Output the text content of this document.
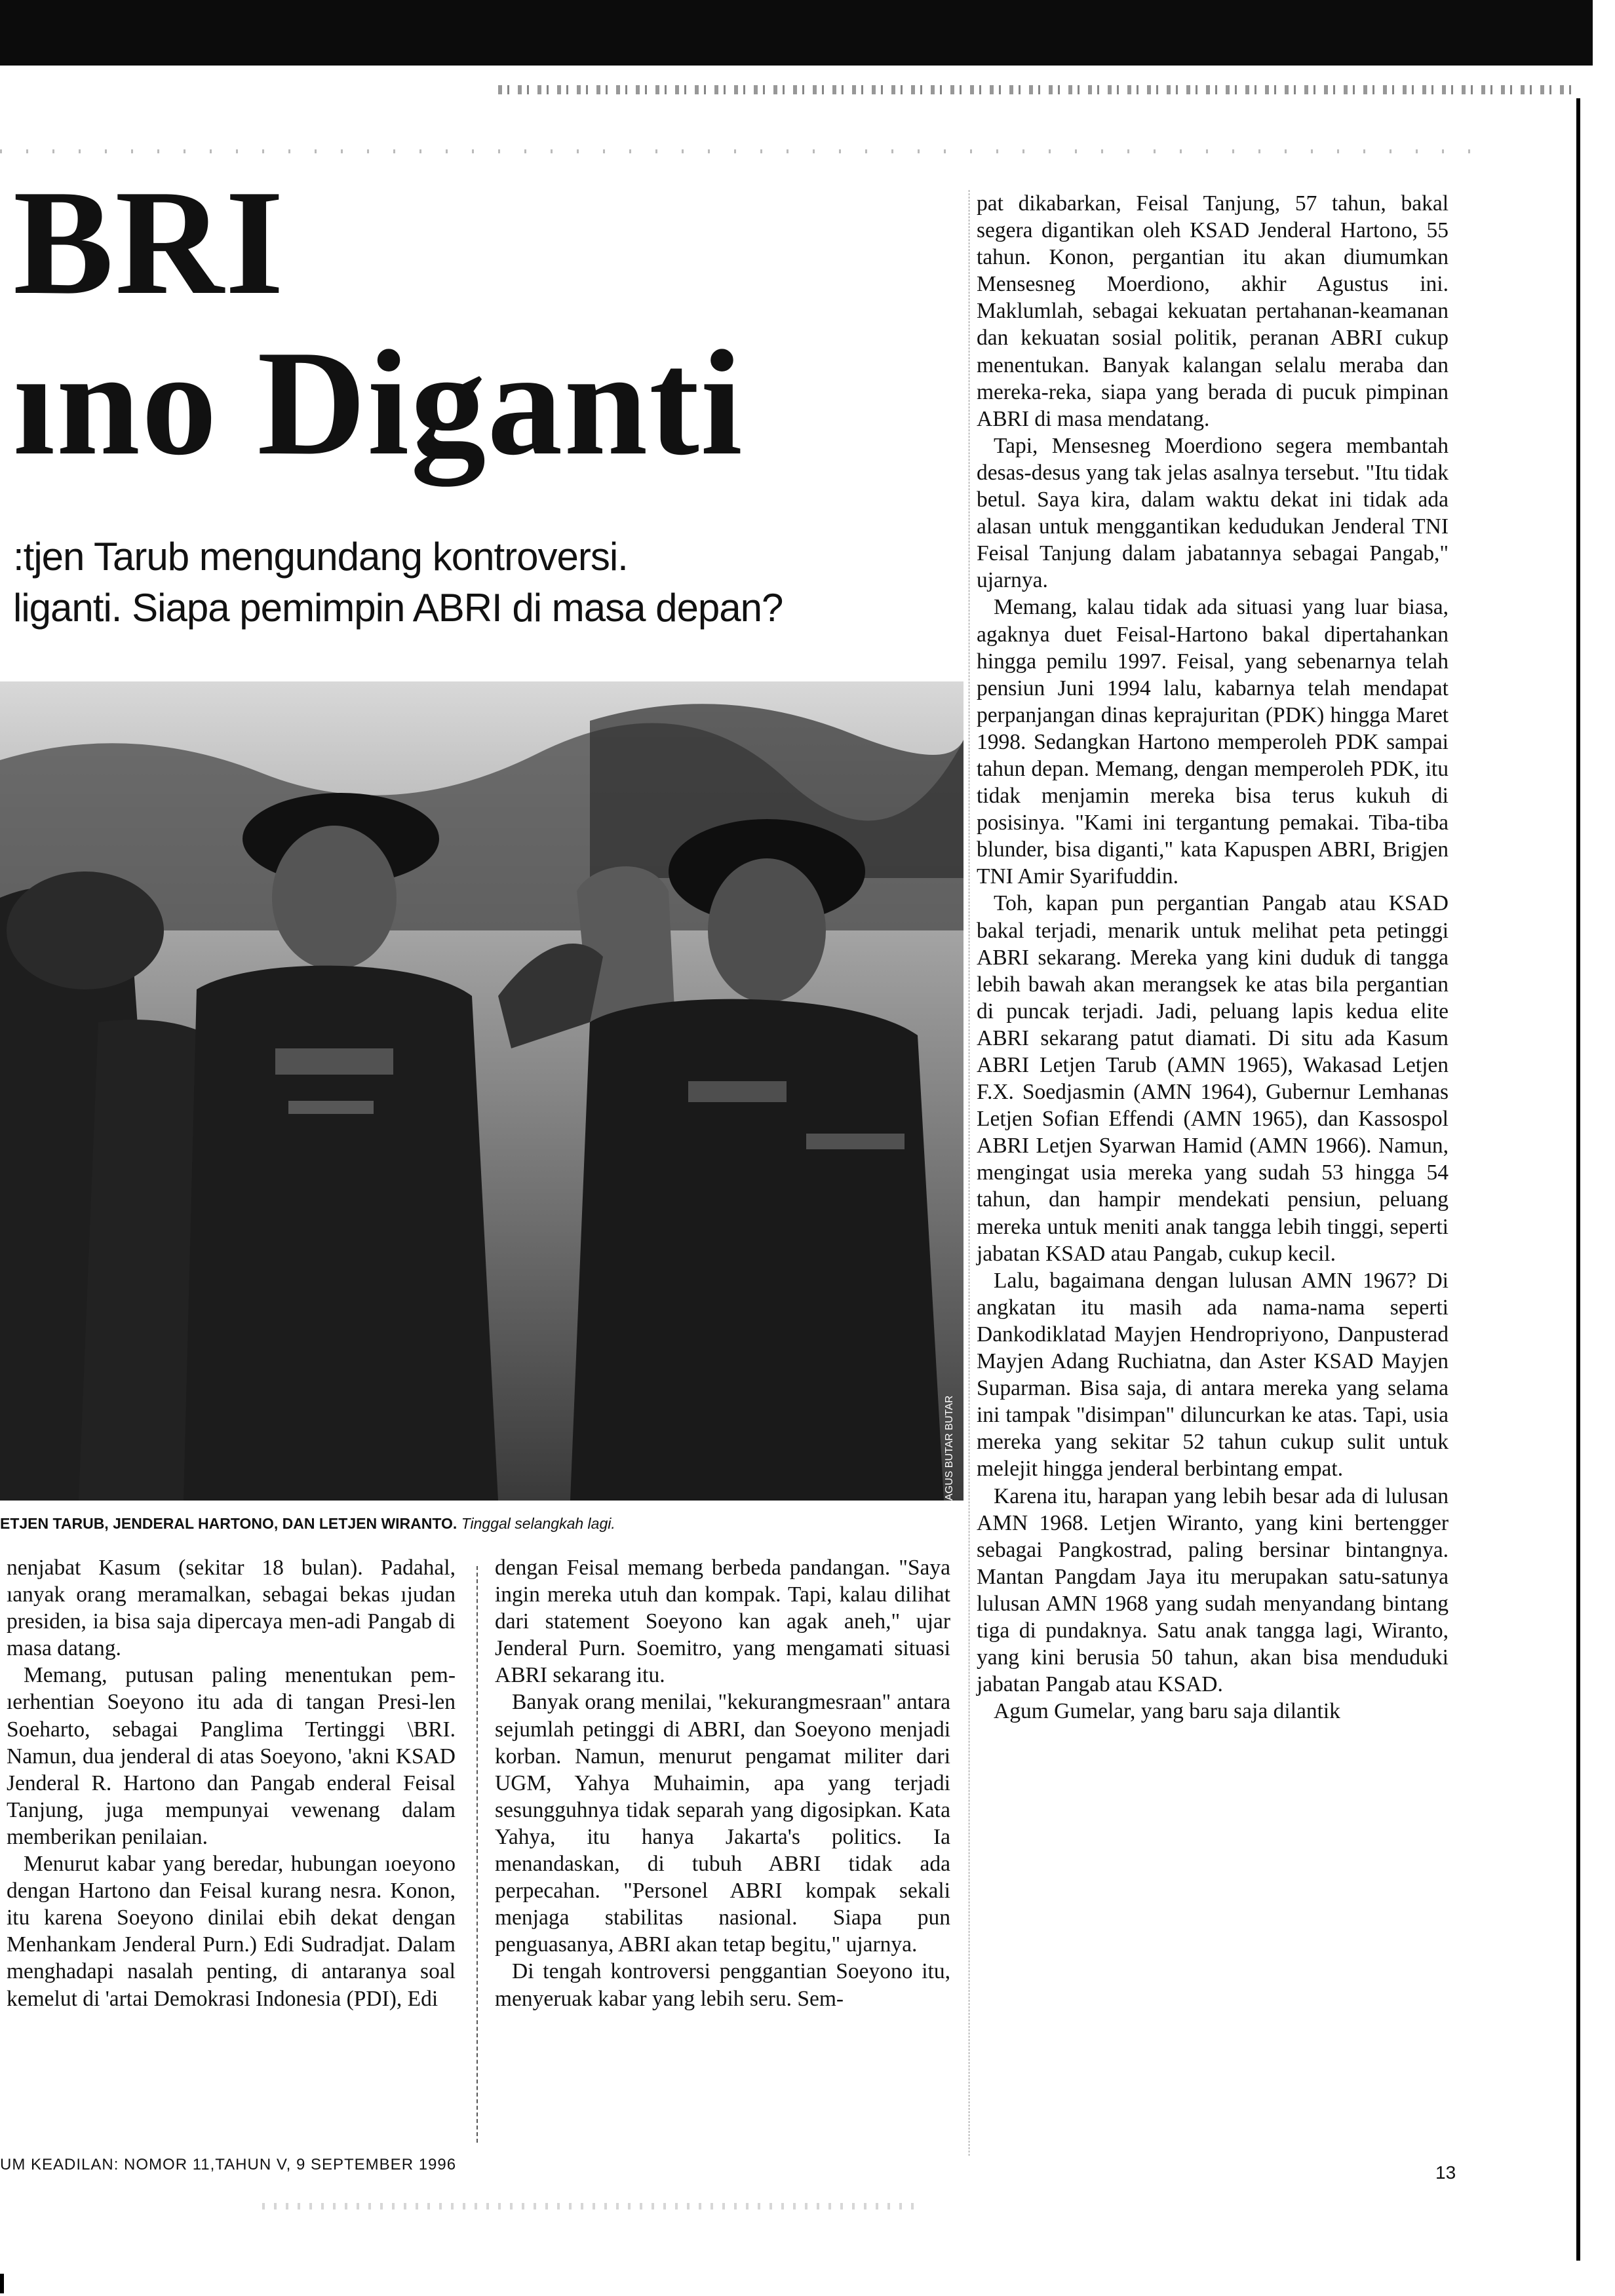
BRI
ıno Diganti
:tjen Tarub mengundang kontroversi.
liganti. Siapa pemimpin ABRI di masa depan?
AGUS BUTAR BUTAR
ETJEN TARUB, JENDERAL HARTONO, DAN LETJEN WIRANTO. Tinggal selangkah lagi.

nenjabat Kasum (sekitar 18 bulan). Padahal, ıanyak orang meramalkan, sebagai bekas ıjudan presiden, ia bisa saja dipercaya men-adi Pangab di masa datang.

Memang, putusan paling menentukan pem-ıerhentian Soeyono itu ada di tangan Presi-len Soeharto, sebagai Panglima Tertinggi \BRI. Namun, dua jenderal di atas Soeyono, 'akni KSAD Jenderal R. Hartono dan Pangab enderal Feisal Tanjung, juga mempunyai vewenang dalam memberikan penilaian.

Menurut kabar yang beredar, hubungan ıoeyono dengan Hartono dan Feisal kurang nesra. Konon, itu karena Soeyono dinilai ebih dekat dengan Menhankam Jenderal Purn.) Edi Sudradjat. Dalam menghadapi nasalah penting, di antaranya soal kemelut di 'artai Demokrasi Indonesia (PDI), Edi

dengan Feisal memang berbeda pandangan. "Saya ingin mereka utuh dan kompak. Tapi, kalau dilihat dari statement Soeyono kan agak aneh," ujar Jenderal Purn. Soemitro, yang mengamati situasi ABRI sekarang itu.

Banyak orang menilai, "kekurangmesraan" antara sejumlah petinggi di ABRI, dan Soeyono menjadi korban. Namun, menurut pengamat militer dari UGM, Yahya Muhaimin, apa yang terjadi sesungguhnya tidak separah yang digosipkan. Kata Yahya, itu hanya Jakarta's politics. Ia menandaskan, di tubuh ABRI tidak ada perpecahan. "Personel ABRI kompak sekali menjaga stabilitas nasional. Siapa pun penguasanya, ABRI akan tetap begitu," ujarnya.

Di tengah kontroversi penggantian Soeyono itu, menyeruak kabar yang lebih seru. Sem-

pat dikabarkan, Feisal Tanjung, 57 tahun, bakal segera digantikan oleh KSAD Jenderal Hartono, 55 tahun. Konon, pergantian itu akan diumumkan Mensesneg Moerdiono, akhir Agustus ini. Maklumlah, sebagai kekuatan pertahanan-keamanan dan kekuatan sosial politik, peranan ABRI cukup menentukan. Banyak kalangan selalu meraba dan mereka-reka, siapa yang berada di pucuk pimpinan ABRI di masa mendatang.

Tapi, Mensesneg Moerdiono segera membantah desas-desus yang tak jelas asalnya tersebut. "Itu tidak betul. Saya kira, dalam waktu dekat ini tidak ada alasan untuk menggantikan kedudukan Jenderal TNI Feisal Tanjung dalam jabatannya sebagai Pangab," ujarnya.

Memang, kalau tidak ada situasi yang luar biasa, agaknya duet Feisal-Hartono bakal dipertahankan hingga pemilu 1997. Feisal, yang sebenarnya telah pensiun Juni 1994 lalu, kabarnya telah mendapat perpanjangan dinas keprajuritan (PDK) hingga Maret 1998. Sedangkan Hartono memperoleh PDK sampai tahun depan. Memang, dengan memperoleh PDK, itu tidak menjamin mereka bisa terus kukuh di posisinya. "Kami ini tergantung pemakai. Tiba-tiba blunder, bisa diganti," kata Kapuspen ABRI, Brigjen TNI Amir Syarifuddin.

Toh, kapan pun pergantian Pangab atau KSAD bakal terjadi, menarik untuk melihat peta petinggi ABRI sekarang. Mereka yang kini duduk di tangga lebih bawah akan merangsek ke atas bila pergantian di puncak terjadi. Jadi, peluang lapis kedua elite ABRI sekarang patut diamati. Di situ ada Kasum ABRI Letjen Tarub (AMN 1965), Wakasad Letjen F.X. Soedjasmin (AMN 1964), Gubernur Lemhanas Letjen Sofian Effendi (AMN 1965), dan Kassospol ABRI Letjen Syarwan Hamid (AMN 1966). Namun, mengingat usia mereka yang sudah 53 hingga 54 tahun, dan hampir mendekati pensiun, peluang mereka untuk meniti anak tangga lebih tinggi, seperti jabatan KSAD atau Pangab, cukup kecil.

Lalu, bagaimana dengan lulusan AMN 1967? Di angkatan itu masih ada nama-nama seperti Dankodiklatad Mayjen Hendropriyono, Danpusterad Mayjen Adang Ruchiatna, dan Aster KSAD Mayjen Suparman. Bisa saja, di antara mereka yang selama ini tampak "disimpan" diluncurkan ke atas. Tapi, usia mereka yang sekitar 52 tahun cukup sulit untuk melejit hingga jenderal berbintang empat.

Karena itu, harapan yang lebih besar ada di lulusan AMN 1968. Letjen Wiranto, yang kini bertengger sebagai Pangkostrad, paling bersinar bintangnya. Mantan Pangdam Jaya itu merupakan satu-satunya lulusan AMN 1968 yang sudah menyandang bintang tiga di pundaknya. Satu anak tangga lagi, Wiranto, yang kini berusia 50 tahun, akan bisa menduduki jabatan Pangab atau KSAD.

Agum Gumelar, yang baru saja dilantik

UM KEADILAN: NOMOR 11,TAHUN V, 9 SEPTEMBER 1996	13
